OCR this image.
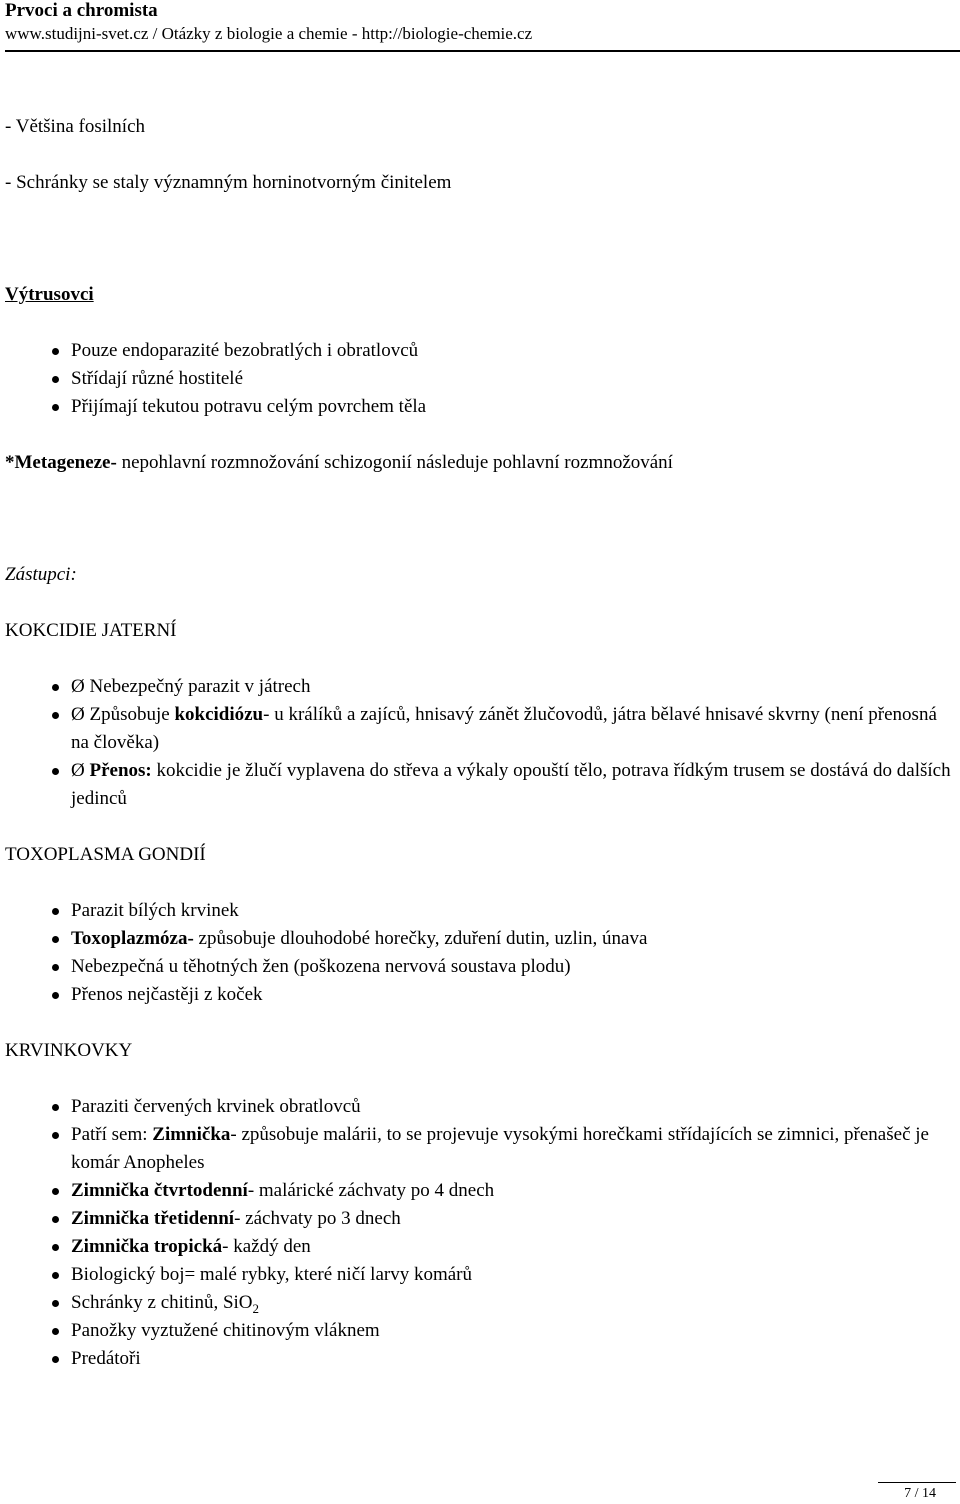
Prvoci a chromista
www.studijni-svet.cz / Otázky z biologie a chemie - http://biologie-chemie.cz
- Většina fosilních
- Schránky se staly významným horninotvorným činitelem
Výtrusovci
Pouze endoparazité bezobratlých i obratlovců
Střídají různé hostitelé
Přijímají tekutou potravu celým povrchem těla
*Metageneze- nepohlavní rozmnožování schizogonií následuje pohlavní rozmnožování
Zástupci:
KOKCIDIE JATERNÍ
Ø Nebezpečný parazit v játrech
Ø Způsobuje kokcidiózu- u králíků a zajíců, hnisavý zánět žlučovodů, játra bělavé hnisavé skvrny (není přenosná na člověka)
Ø Přenos: kokcidie je žlučí vyplavena do střeva a výkaly opouští tělo, potrava řídkým trusem se dostává do dalších jedinců
TOXOPLASMA GONDIÍ
Parazit bílých krvinek
Toxoplazmóza- způsobuje dlouhodobé horečky, zduření dutin, uzlin, únava
Nebezpečná u těhotných žen (poškozena nervová soustava plodu)
Přenos nejčastěji z koček
KRVINKOVKY
Paraziti červených krvinek obratlovců
Patří sem: Zimnička- způsobuje malárii, to se projevuje vysokými horečkami střídajících se zimnici, přenašeč je komár Anopheles
Zimnička čtvrtodenní- malárické záchvaty po 4 dnech
Zimnička třetidenní- záchvaty po 3 dnech
Zimnička tropická- každý den
Biologický boj= malé rybky, které ničí larvy komárů
Schránky z chitinů, SiO$_2$
Panožky vyztužené chitinovým vláknem
Predátoři
7 / 14
